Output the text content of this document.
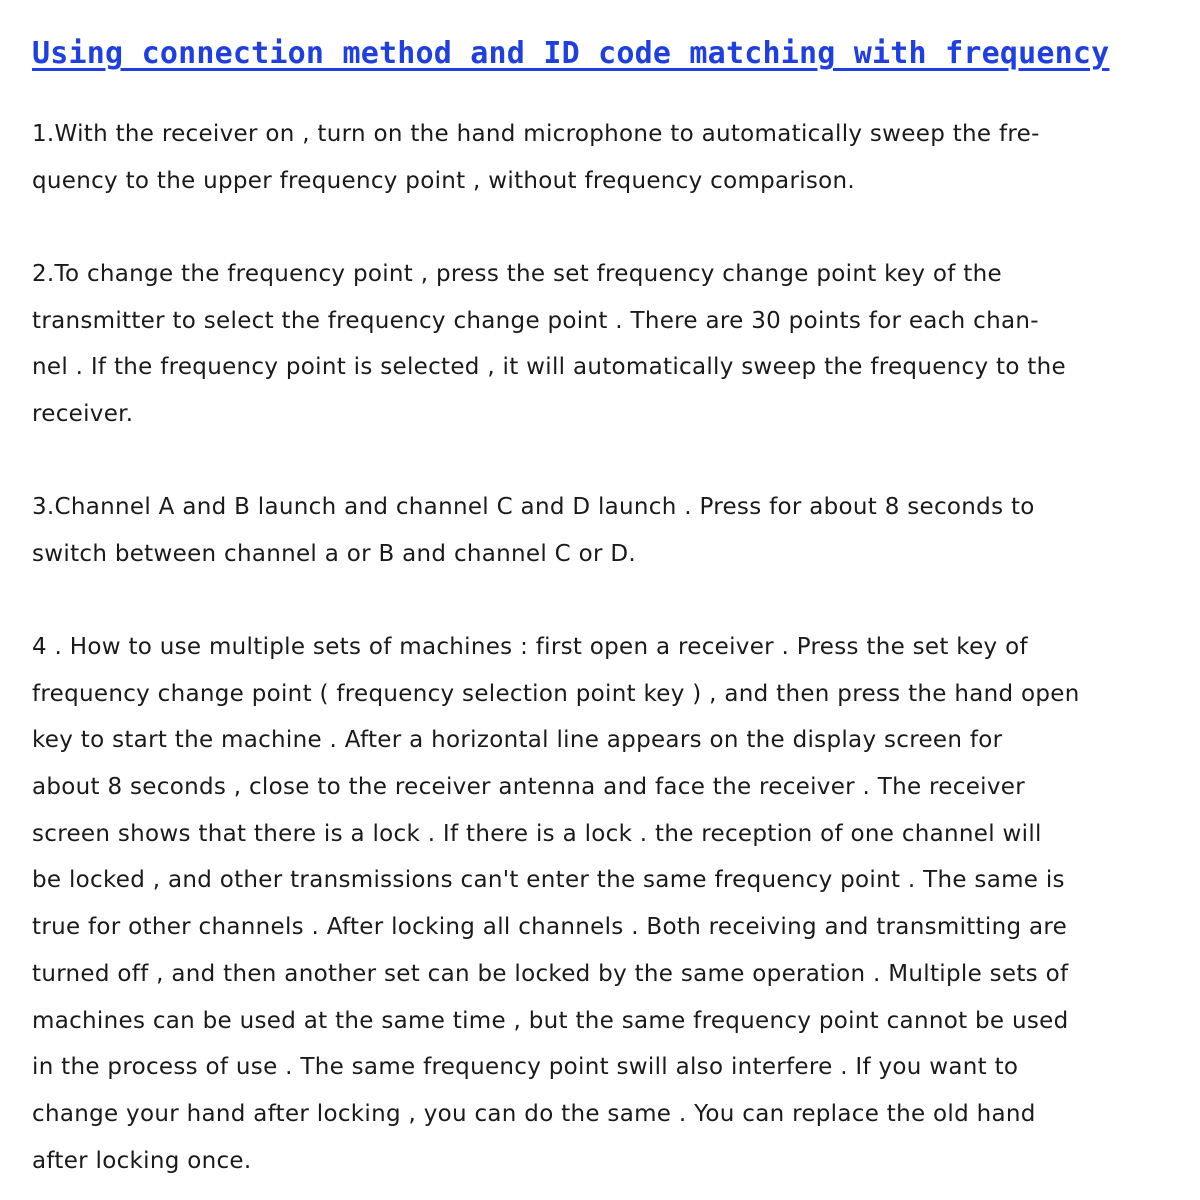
Using connection method and ID code matching with frequency
1.With the receiver on , turn on the hand microphone to automatically sweep the fre-
quency to the upper frequency point , without frequency comparison.
2.To change the frequency point , press the set frequency change point key of the
transmitter to select the frequency change point . There are 30 points for each chan-
nel . If the frequency point is selected , it will automatically sweep the frequency to the
receiver.
3.Channel A and B launch and channel C and D launch . Press for about 8 seconds to
switch between channel a or B and channel C or D.
4 . How to use multiple sets of machines : first open a receiver . Press the set key of
frequency change point ( frequency selection point key ) , and then press the hand open
key to start the machine . After a horizontal line appears on the display screen for
about 8 seconds , close to the receiver antenna and face the receiver . The receiver
screen shows that there is a lock . If there is a lock . the reception of one channel will
be locked , and other transmissions can't enter the same frequency point . The same is
true for other channels . After locking all channels . Both receiving and transmitting are
turned off , and then another set can be locked by the same operation . Multiple sets of
machines can be used at the same time , but the same frequency point cannot be used
in the process of use . The same frequency point swill also interfere . If you want to
change your hand after locking , you can do the same . You can replace the old hand
after locking once.
